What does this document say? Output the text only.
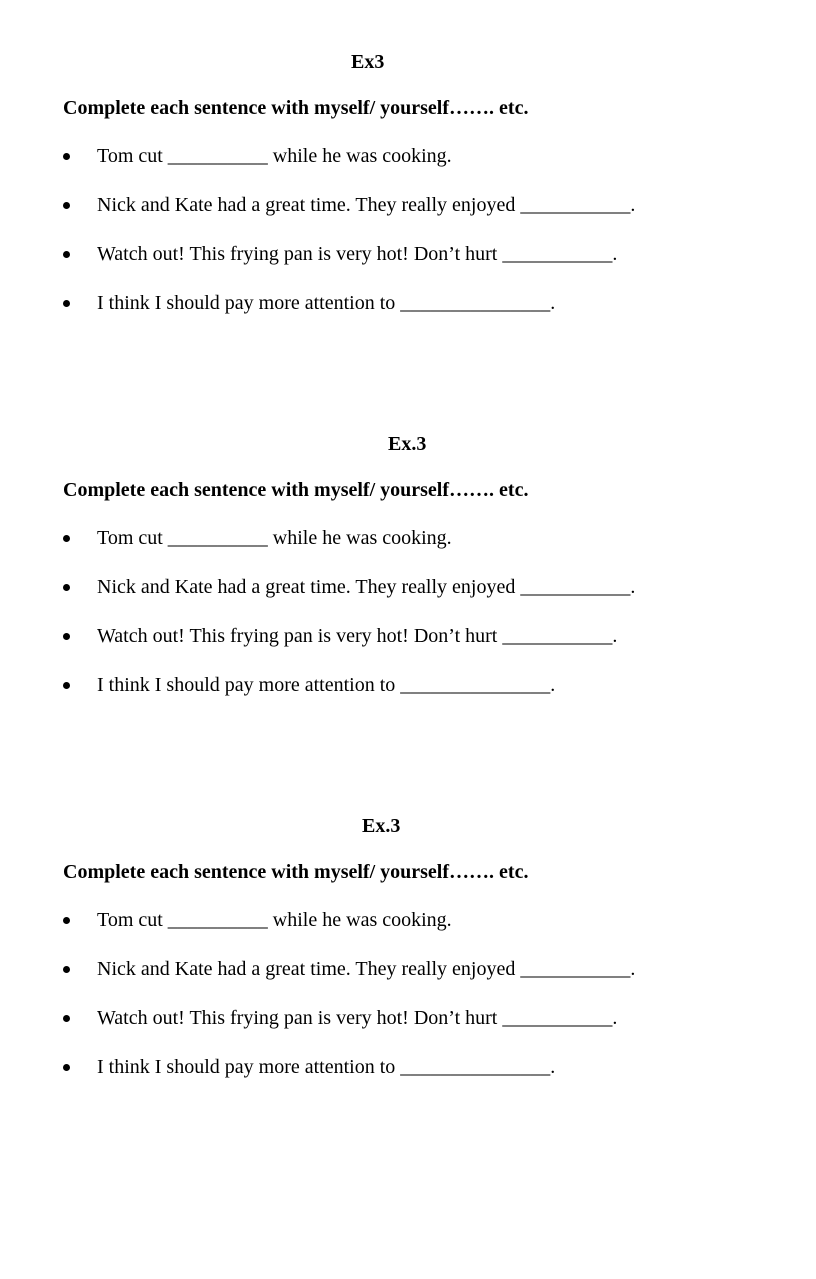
Ex3
Complete each sentence with myself/ yourself……. etc.
Tom cut __________ while he was cooking.
Nick and Kate had a great time. They really enjoyed ___________.
Watch out! This frying pan is very hot! Don’t hurt ___________.
I think I should pay more attention to _______________.
Ex.3
Complete each sentence with myself/ yourself……. etc.
Tom cut __________ while he was cooking.
Nick and Kate had a great time. They really enjoyed ___________.
Watch out! This frying pan is very hot! Don’t hurt ___________.
I think I should pay more attention to _______________.
Ex.3
Complete each sentence with myself/ yourself……. etc.
Tom cut __________ while he was cooking.
Nick and Kate had a great time. They really enjoyed ___________.
Watch out! This frying pan is very hot! Don’t hurt ___________.
I think I should pay more attention to _______________.
